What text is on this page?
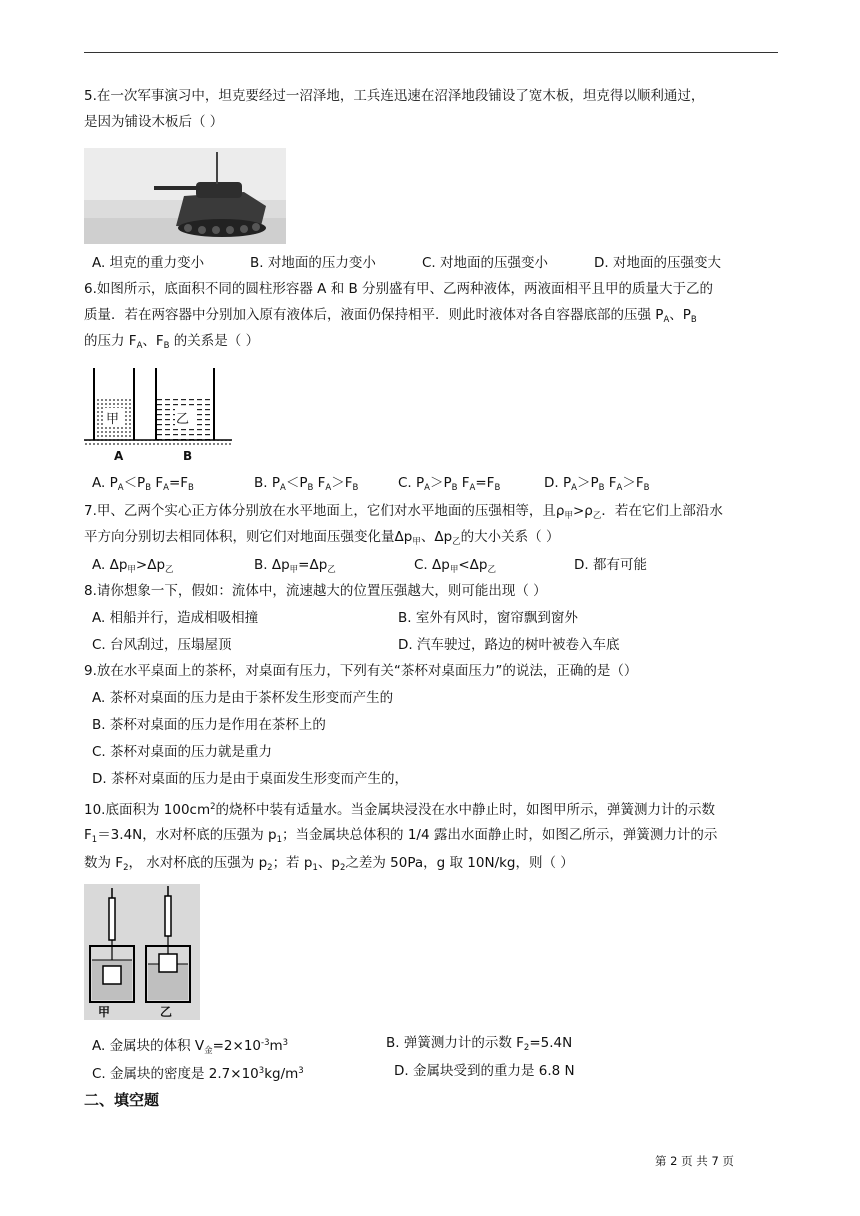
5.在一次军事演习中，坦克要经过一沼泽地，工兵连迅速在沼泽地段铺设了宽木板，坦克得以顺利通过，
是因为铺设木板后（ ）
A. 坦克的重力变小	B. 对地面的压力变小	C. 对地面的压强变小	D. 对地面的压强变大
6.如图所示，底面积不同的圆柱形容器 A 和 B 分别盛有甲、乙两种液体，两液面相平且甲的质量大于乙的
质量．若在两容器中分别加入原有液体后，液面仍保持相平．则此时液体对各自容器底部的压强 $P_A$、$P_B$
的压力 $F_A$、$F_B$ 的关系是（ ）
甲	乙
A	B
A. $P_A<P_B$ $F_A=F_B$	B. $P_A<P_B$ $F_A>F_B$	C. $P_A>P_B$ $F_A=F_B$	D. $P_A>P_B$ $F_A>F_B$
7.甲、乙两个实心正方体分别放在水平地面上，它们对水平地面的压强相等，且$\rho_甲>\rho_乙$．若在它们上部沿水
平方向分别切去相同体积，则它们对地面压强变化量$\Delta p_甲$、$\Delta p_乙$的大小关系（ ）
A. $\Delta p_甲>\Delta p_乙$	B. $\Delta p_甲=\Delta p_乙$	C. $\Delta p_甲<\Delta p_乙$	D. 都有可能
8.请你想象一下，假如：流体中，流速越大的位置压强越大，则可能出现（ ）
A. 相船并行，造成相吸相撞	B. 室外有风时，窗帘飘到窗外
C. 台风刮过，压塌屋顶	D. 汽车驶过，路边的树叶被卷入车底
9.放在水平桌面上的茶杯，对桌面有压力，下列有关“茶杯对桌面压力”的说法，正确的是（）
A. 茶杯对桌面的压力是由于茶杯发生形变而产生的
B. 茶杯对桌面的压力是作用在茶杯上的
C. 茶杯对桌面的压力就是重力
D. 茶杯对桌面的压力是由于桌面发生形变而产生的，
10.底面积为 $100cm^2$的烧杯中装有适量水。当金属块浸没在水中静止时，如图甲所示，弹簧测力计的示数
$F_1=3.4N$，水对杯底的压强为 $p_1$；当金属块总体积的 1/4 露出水面静止时，如图乙所示，弹簧测力计的示
数为 $F_2$， 水对杯底的压强为 $p_2$；若 $p_1$、$p_2$之差为 50Pa，g 取 10N/kg，则（ ）
甲	乙
A. 金属块的体积 $V_金=2\times 10^{-3}m^3$	B. 弹簧测力计的示数 $F_2=5.4N$
C. 金属块的密度是 $2.7\times 10^3kg/m^3$	D. 金属块受到的重力是 6.8 N
二、填空题
第 2 页 共 7 页
